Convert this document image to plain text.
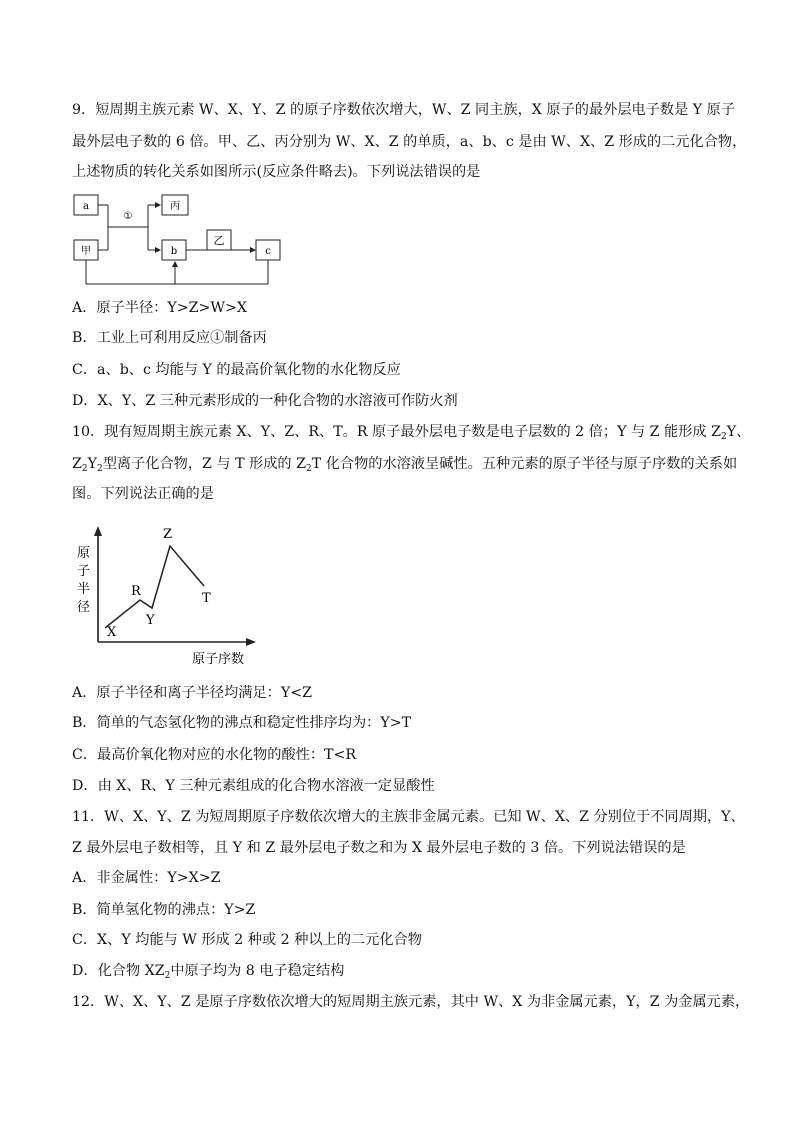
9．短周期主族元素 W、X、Y、Z 的原子序数依次增大，W、Z 同主族，X 原子的最外层电子数是 Y 原子
最外层电子数的 6 倍。甲、乙、丙分别为 W、X、Z 的单质，a、b、c 是由 W、X、Z 形成的二元化合物，
上述物质的转化关系如图所示(反应条件略去)。下列说法错误的是
a
甲
丙
b
乙
c
①
A．原子半径：Y>Z>W>X
B．工业上可利用反应①制备丙
C．a、b、c 均能与 Y 的最高价氧化物的水化物反应
D．X、Y、Z 三种元素形成的一种化合物的水溶液可作防火剂
10．现有短周期主族元素 X、Y、Z、R、T。R 原子最外层电子数是电子层数的 2 倍；Y 与 Z 能形成 $Z_2Y$、
$Z_2Y_2$型离子化合物，Z 与 T 形成的 $Z_2T$ 化合物的水溶液呈碱性。五种元素的原子半径与原子序数的关系如
图。下列说法正确的是
原
子
半
径
原子序数
X
R
Y
Z
T
A．原子半径和离子半径均满足：Y<Z
B．简单的气态氢化物的沸点和稳定性排序均为：Y>T
C．最高价氧化物对应的水化物的酸性：T<R
D．由 X、R、Y 三种元素组成的化合物水溶液一定显酸性
11．W、X、Y、Z 为短周期原子序数依次增大的主族非金属元素。已知 W、X、Z 分别位于不同周期，Y、
Z 最外层电子数相等，且 Y 和 Z 最外层电子数之和为 X 最外层电子数的 3 倍。下列说法错误的是
A．非金属性：Y>X>Z
B．简单氢化物的沸点：Y>Z
C．X、Y 均能与 W 形成 2 种或 2 种以上的二元化合物
D．化合物 $XZ_2$中原子均为 8 电子稳定结构
12．W、X、Y、Z 是原子序数依次增大的短周期主族元素，其中 W、X 为非金属元素，Y，Z 为金属元素，
